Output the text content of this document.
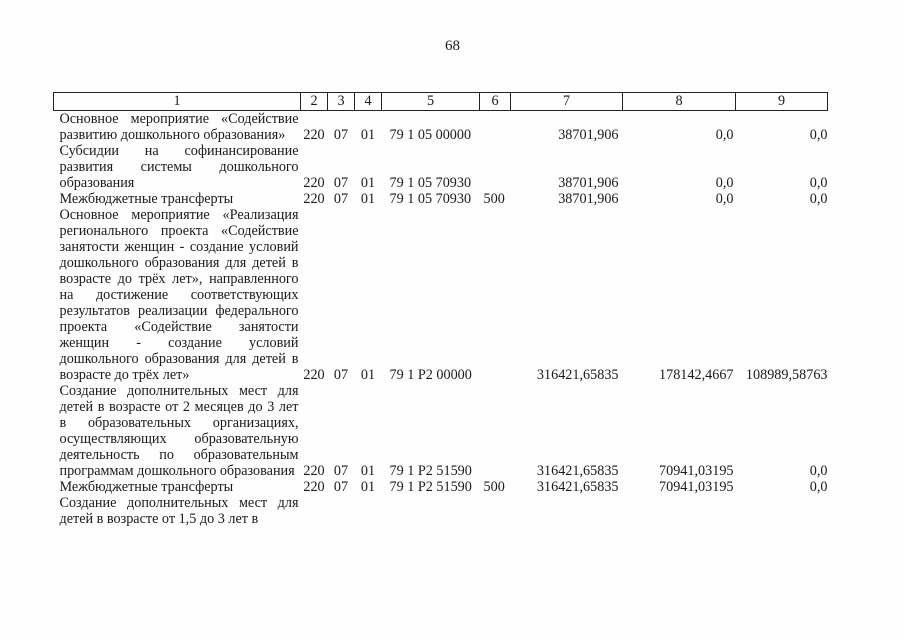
68
1	2	3	4	5	6	7	8	9
Основное мероприятие «Содействие развитию дошкольного образования»	220	07	01	79 1 05 00000		38701,906	0,0	0,0
Субсидии на софинансирование развития системы дошкольного образования	220	07	01	79 1 05 70930		38701,906	0,0	0,0
Межбюджетные трансферты	220	07	01	79 1 05 70930	500	38701,906	0,0	0,0
Основное мероприятие «Реализация регионального проекта «Содействие занятости женщин - создание условий дошкольного образования для детей в возрасте до трёх лет», направленного на достижение соответствующих результатов реализации федерального проекта «Содействие занятости женщин - создание условий дошкольного образования для детей в возрасте до трёх лет»	220	07	01	79 1 P2 00000		316421,65835	178142,4667	108989,58763
Создание дополнительных мест для детей в возрасте от 2 месяцев до 3 лет в образовательных организациях, осуществляющих образовательную деятельность по образовательным программам дошкольного образования	220	07	01	79 1 P2 51590		316421,65835	70941,03195	0,0
Межбюджетные трансферты	220	07	01	79 1 P2 51590	500	316421,65835	70941,03195	0,0
Создание дополнительных мест для детей в возрасте от 1,5 до 3 лет в								
